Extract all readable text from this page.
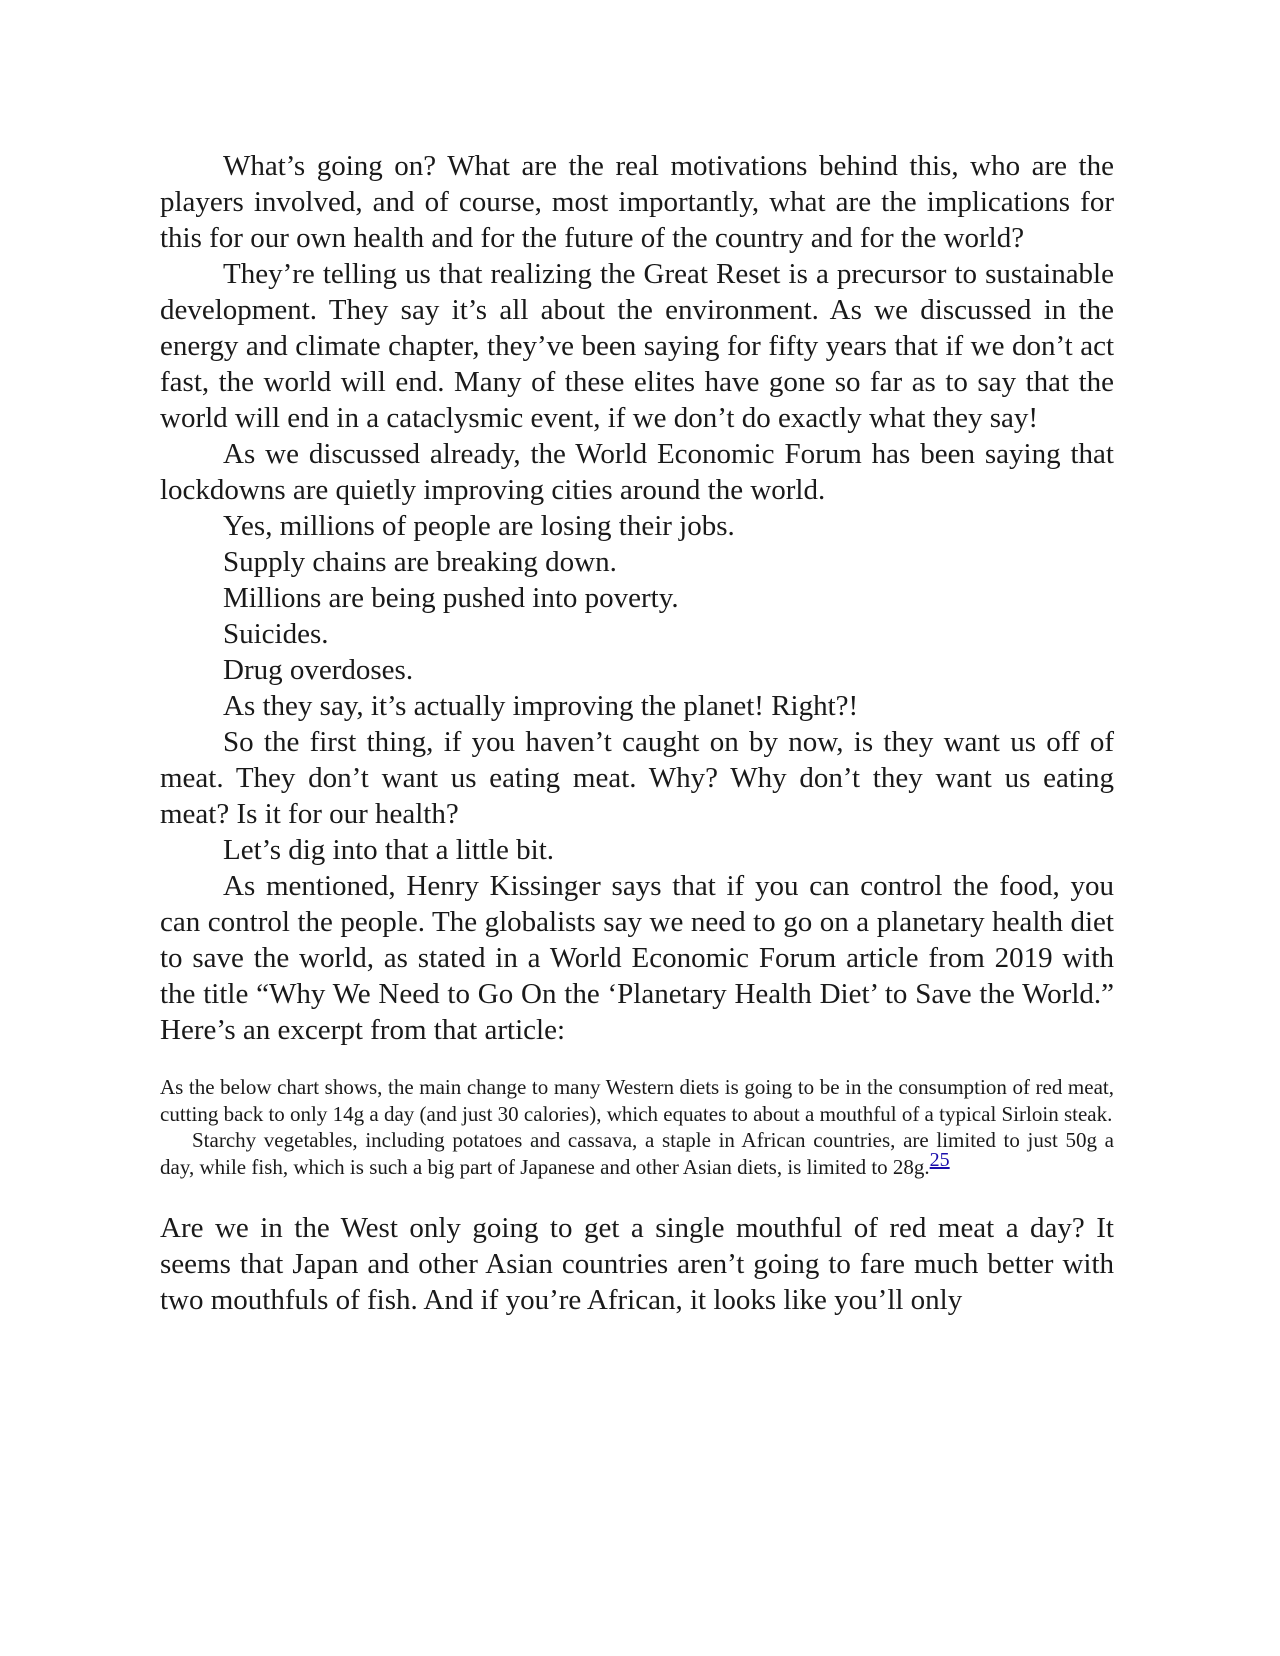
What’s going on? What are the real motivations behind this, who are the players involved, and of course, most importantly, what are the implications for this for our own health and for the future of the country and for the world?

They’re telling us that realizing the Great Reset is a precursor to sustainable development. They say it’s all about the environment. As we discussed in the energy and climate chapter, they’ve been saying for fifty years that if we don’t act fast, the world will end. Many of these elites have gone so far as to say that the world will end in a cataclysmic event, if we don’t do exactly what they say!

As we discussed already, the World Economic Forum has been saying that lockdowns are quietly improving cities around the world.

Yes, millions of people are losing their jobs.

Supply chains are breaking down.

Millions are being pushed into poverty.

Suicides.

Drug overdoses.

As they say, it’s actually improving the planet! Right?!

So the first thing, if you haven’t caught on by now, is they want us off of meat. They don’t want us eating meat. Why? Why don’t they want us eating meat? Is it for our health?

Let’s dig into that a little bit.

As mentioned, Henry Kissinger says that if you can control the food, you can control the people. The globalists say we need to go on a planetary health diet to save the world, as stated in a World Economic Forum article from 2019 with the title “Why We Need to Go On the ‘Planetary Health Diet’ to Save the World.” Here’s an excerpt from that article:

As the below chart shows, the main change to many Western diets is going to be in the consumption of red meat, cutting back to only 14g a day (and just 30 calories), which equates to about a mouthful of a typical Sirloin steak.

Starchy vegetables, including potatoes and cassava, a staple in African countries, are limited to just 50g a day, while fish, which is such a big part of Japanese and other Asian diets, is limited to 28g.25

Are we in the West only going to get a single mouthful of red meat a day? It seems that Japan and other Asian countries aren’t going to fare much better with two mouthfuls of fish. And if you’re African, it looks like you’ll only
